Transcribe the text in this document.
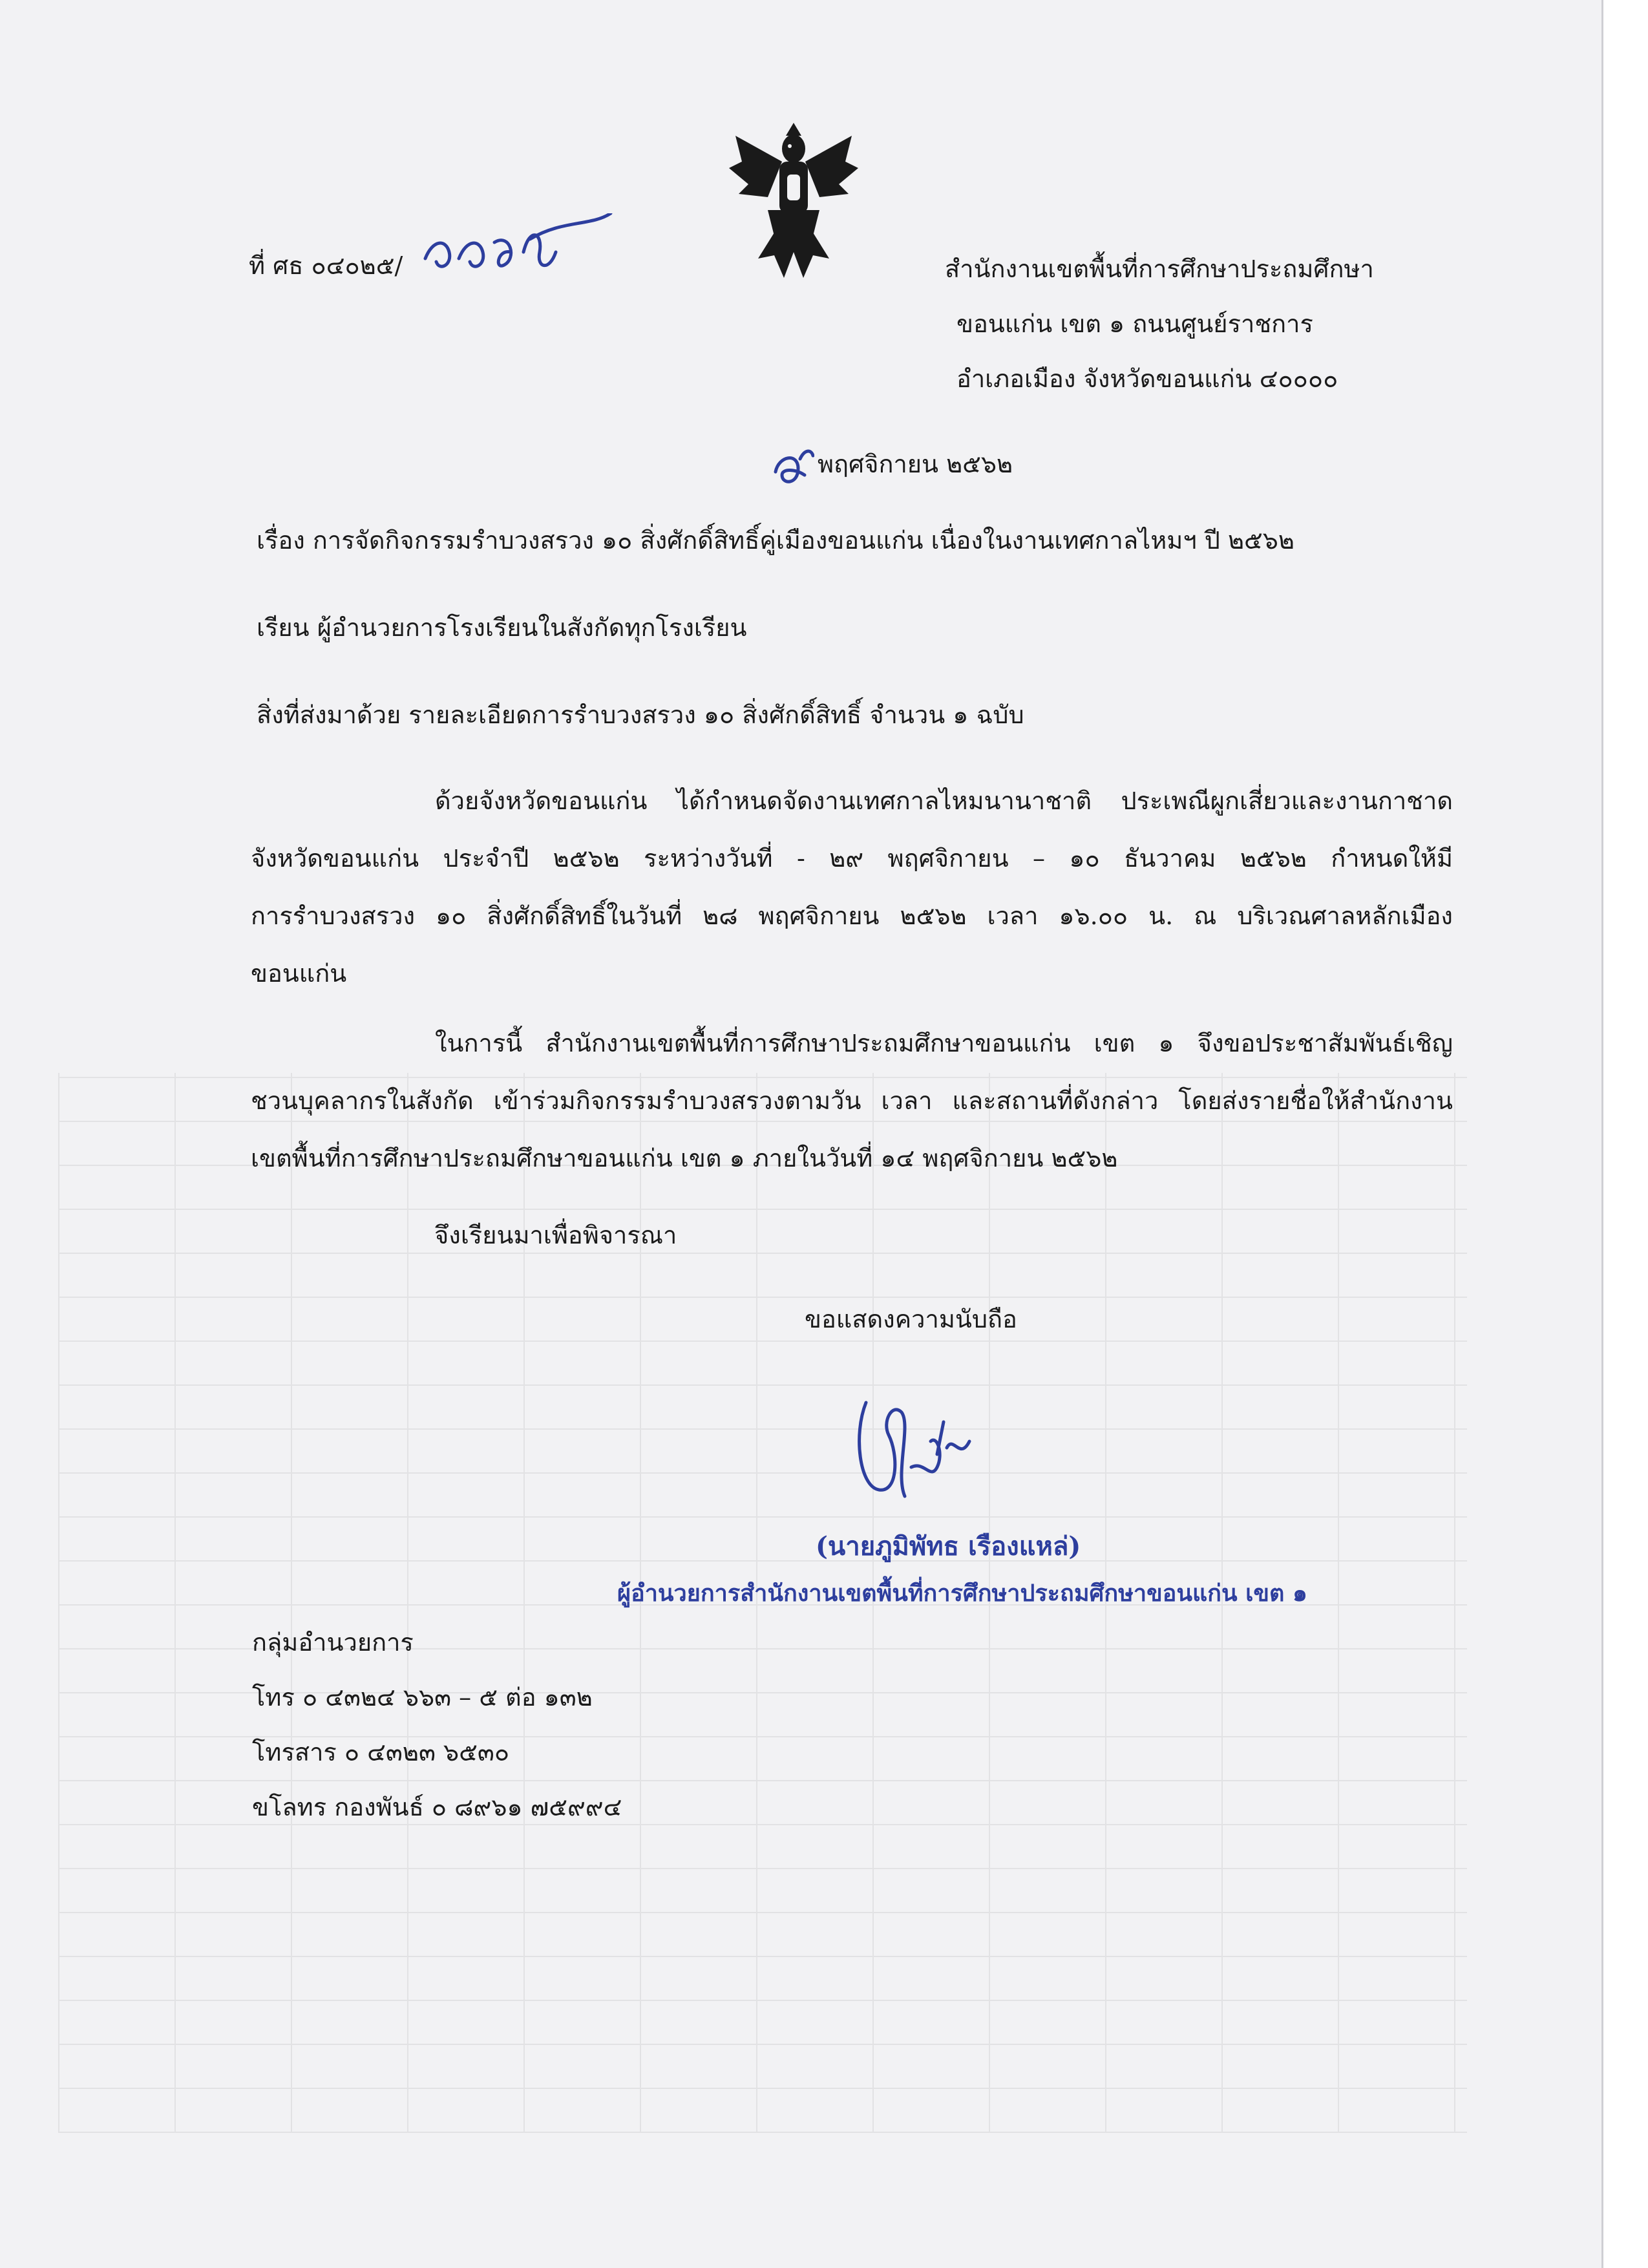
ที่ ศธ ๐๔๐๒๕/	สำนักงานเขตพื้นที่การศึกษาประถมศึกษา
ขอนแก่น เขต ๑ ถนนศูนย์ราชการ
อำเภอเมือง จังหวัดขอนแก่น ๔๐๐๐๐
พฤศจิกายน ๒๕๖๒
เรื่อง การจัดกิจกรรมรำบวงสรวง ๑๐ สิ่งศักดิ์สิทธิ์คู่เมืองขอนแก่น เนื่องในงานเทศกาลไหมฯ ปี ๒๕๖๒
เรียน ผู้อำนวยการโรงเรียนในสังกัดทุกโรงเรียน
สิ่งที่ส่งมาด้วย รายละเอียดการรำบวงสรวง ๑๐ สิ่งศักดิ์สิทธิ์ จำนวน ๑ ฉบับ
ด้วยจังหวัดขอนแก่น ได้กำหนดจัดงานเทศกาลไหมนานาชาติ ประเพณีผูกเสี่ยวและงานกาชาด
จังหวัดขอนแก่น ประจำปี ๒๕๖๒ ระหว่างวันที่ - ๒๙ พฤศจิกายน – ๑๐ ธันวาคม ๒๕๖๒ กำหนดให้มี
การรำบวงสรวง ๑๐ สิ่งศักดิ์สิทธิ์ในวันที่ ๒๘ พฤศจิกายน ๒๕๖๒ เวลา ๑๖.๐๐ น. ณ บริเวณศาลหลักเมือง
ขอนแก่น
ในการนี้ สำนักงานเขตพื้นที่การศึกษาประถมศึกษาขอนแก่น เขต ๑ จึงขอประชาสัมพันธ์เชิญ
ชวนบุคลากรในสังกัด เข้าร่วมกิจกรรมรำบวงสรวงตามวัน เวลา และสถานที่ดังกล่าว โดยส่งรายชื่อให้สำนักงาน
เขตพื้นที่การศึกษาประถมศึกษาขอนแก่น เขต ๑ ภายในวันที่ ๑๔ พฤศจิกายน ๒๕๖๒
จึงเรียนมาเพื่อพิจารณา
ขอแสดงความนับถือ
(นายภูมิพัทธ เรืองแหล่)
ผู้อำนวยการสำนักงานเขตพื้นที่การศึกษาประถมศึกษาขอนแก่น เขต ๑
กลุ่มอำนวยการ
โทร ๐ ๔๓๒๔ ๖๖๓ – ๕ ต่อ ๑๓๒
โทรสาร ๐ ๔๓๒๓ ๖๕๓๐
ขโลทร กองพันธ์ ๐ ๘๙๖๑ ๗๕๙๙๔
